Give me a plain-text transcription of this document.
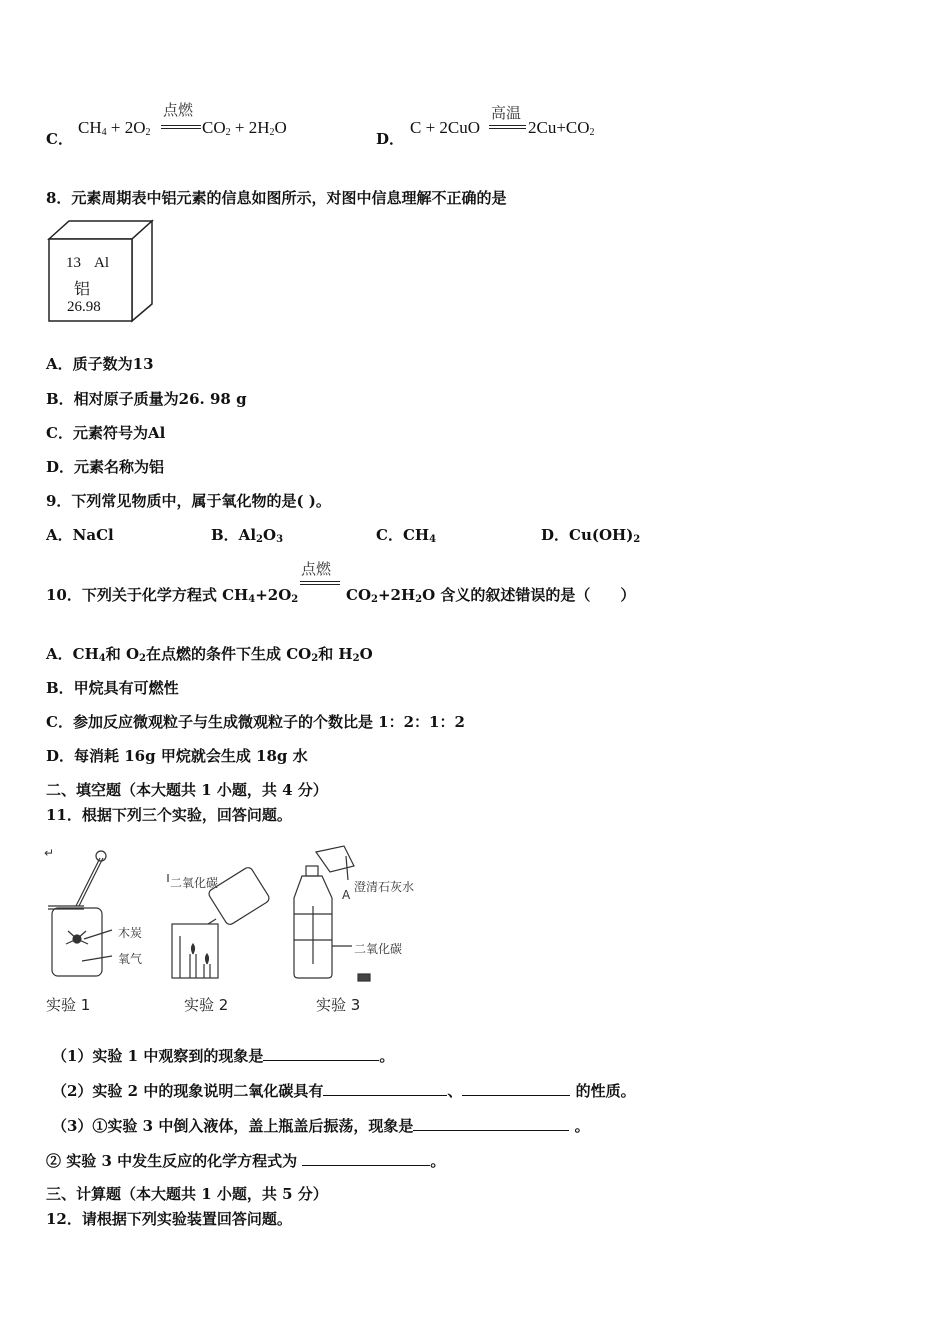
C．
$CH_4 + 2O_2$
点燃
$CO_2 + 2H_2O$
D．
C + 2CuO
高温
$2Cu+CO_2$
8．元素周期表中铝元素的信息如图所示，对图中信息理解不正确的是
13 Al
铝
26.98
A．质子数为13
B．相对原子质量为26. 98 g
C．元素符号为Al
D．元素名称为铝
9．下列常见物质中，属于氧化物的是( )。
A．NaCl	B．$Al_2O_3$	C．$CH_4$	D．$Cu(OH)_2$
10．下列关于化学方程式 $CH_4+2O_2$
点燃
$CO_2+2H_2O$ 含义的叙述错误的是（　　）
A．$CH_4$和 $O_2$在点燃的条件下生成 $CO_2$和 $H_2O$
B．甲烷具有可燃性
C．参加反应微观粒子与生成微观粒子的个数比是 1：2：1：2
D．每消耗 16g 甲烷就会生成 18g 水
二、填空题（本大题共 1 小题，共 4 分）
11．根据下列三个实验，回答问题。
↵
木炭
氧气
二氧化碳	澄清石灰水
A
二氧化碳
实验 1	实验 2	实验 3
（1）实验 1 中观察到的现象是	。
（2）实验 2 中的现象说明二氧化碳具有	、	的性质。
（3）①实验 3 中倒入液体，盖上瓶盖后振荡，现象是	。
② 实验 3 中发生反应的化学方程式为	。
三、计算题（本大题共 1 小题，共 5 分）
12．请根据下列实验装置回答问题。
